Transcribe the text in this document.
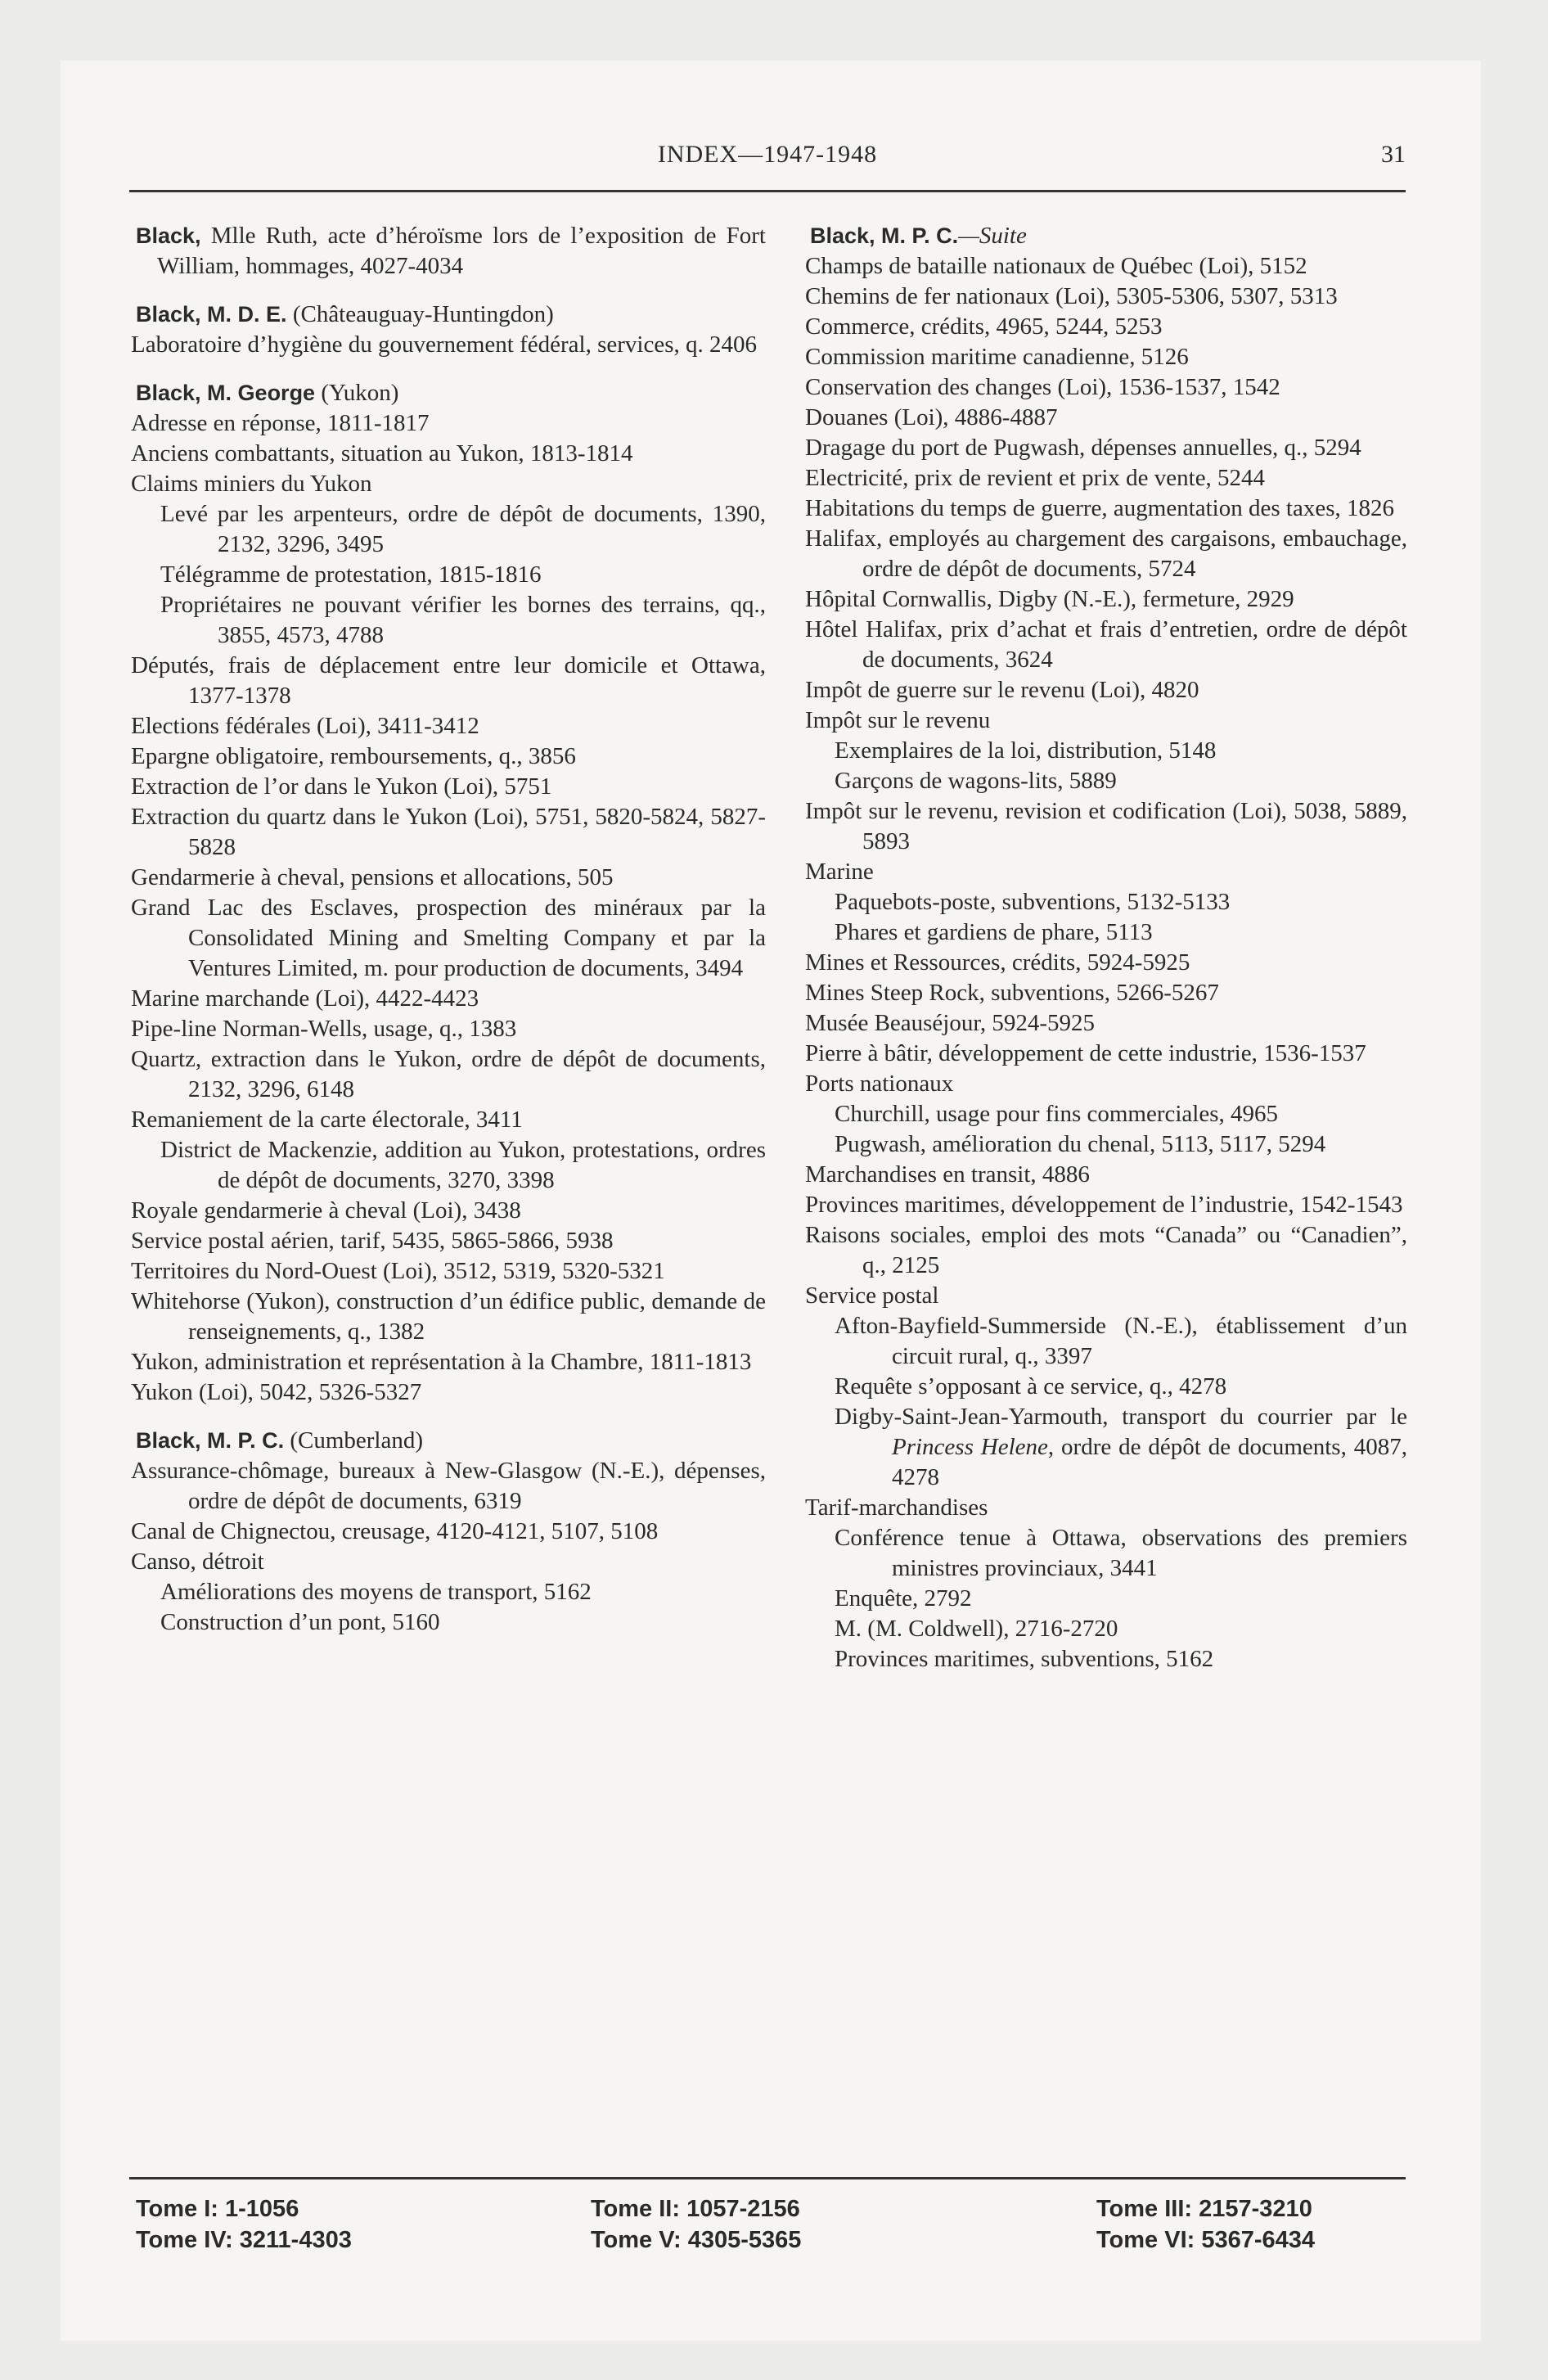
INDEX—1947-1948	31
Black, Mlle Ruth, acte d’héroïsme lors de l’exposition de Fort William, hommages, 4027-4034
Black, M. D. E. (Châteauguay-Huntingdon)
Laboratoire d’hygiène du gouvernement fédéral, services, q. 2406
Black, M. George (Yukon)
Adresse en réponse, 1811-1817
Anciens combattants, situation au Yukon, 1813-1814
Claims miniers du Yukon
Levé par les arpenteurs, ordre de dépôt de documents, 1390, 2132, 3296, 3495
Télégramme de protestation, 1815-1816
Propriétaires ne pouvant vérifier les bornes des terrains, qq., 3855, 4573, 4788
Députés, frais de déplacement entre leur domicile et Ottawa, 1377-1378
Elections fédérales (Loi), 3411-3412
Epargne obligatoire, remboursements, q., 3856
Extraction de l’or dans le Yukon (Loi), 5751
Extraction du quartz dans le Yukon (Loi), 5751, 5820-5824, 5827-5828
Gendarmerie à cheval, pensions et allocations, 505
Grand Lac des Esclaves, prospection des minéraux par la Consolidated Mining and Smelting Company et par la Ventures Limited, m. pour production de documents, 3494
Marine marchande (Loi), 4422-4423
Pipe-line Norman-Wells, usage, q., 1383
Quartz, extraction dans le Yukon, ordre de dépôt de documents, 2132, 3296, 6148
Remaniement de la carte électorale, 3411
District de Mackenzie, addition au Yukon, protestations, ordres de dépôt de documents, 3270, 3398
Royale gendarmerie à cheval (Loi), 3438
Service postal aérien, tarif, 5435, 5865-5866, 5938
Territoires du Nord-Ouest (Loi), 3512, 5319, 5320-5321
Whitehorse (Yukon), construction d’un édifice public, demande de renseignements, q., 1382
Yukon, administration et représentation à la Chambre, 1811-1813
Yukon (Loi), 5042, 5326-5327
Black, M. P. C. (Cumberland)
Assurance-chômage, bureaux à New-Glasgow (N.-E.), dépenses, ordre de dépôt de documents, 6319
Canal de Chignectou, creusage, 4120-4121, 5107, 5108
Canso, détroit
Améliorations des moyens de transport, 5162
Construction d’un pont, 5160
Black, M. P. C.—Suite
Champs de bataille nationaux de Québec (Loi), 5152
Chemins de fer nationaux (Loi), 5305-5306, 5307, 5313
Commerce, crédits, 4965, 5244, 5253
Commission maritime canadienne, 5126
Conservation des changes (Loi), 1536-1537, 1542
Douanes (Loi), 4886-4887
Dragage du port de Pugwash, dépenses annuelles, q., 5294
Electricité, prix de revient et prix de vente, 5244
Habitations du temps de guerre, augmentation des taxes, 1826
Halifax, employés au chargement des cargaisons, embauchage, ordre de dépôt de documents, 5724
Hôpital Cornwallis, Digby (N.-E.), fermeture, 2929
Hôtel Halifax, prix d’achat et frais d’entretien, ordre de dépôt de documents, 3624
Impôt de guerre sur le revenu (Loi), 4820
Impôt sur le revenu
Exemplaires de la loi, distribution, 5148
Garçons de wagons-lits, 5889
Impôt sur le revenu, revision et codification (Loi), 5038, 5889, 5893
Marine
Paquebots-poste, subventions, 5132-5133
Phares et gardiens de phare, 5113
Mines et Ressources, crédits, 5924-5925
Mines Steep Rock, subventions, 5266-5267
Musée Beauséjour, 5924-5925
Pierre à bâtir, développement de cette industrie, 1536-1537
Ports nationaux
Churchill, usage pour fins commerciales, 4965
Pugwash, amélioration du chenal, 5113, 5117, 5294
Marchandises en transit, 4886
Provinces maritimes, développement de l’industrie, 1542-1543
Raisons sociales, emploi des mots “Canada” ou “Canadien”, q., 2125
Service postal
Afton-Bayfield-Summerside (N.-E.), établissement d’un circuit rural, q., 3397
Requête s’opposant à ce service, q., 4278
Digby-Saint-Jean-Yarmouth, transport du courrier par le Princess Helene, ordre de dépôt de documents, 4087, 4278
Tarif-marchandises
Conférence tenue à Ottawa, observations des premiers ministres provinciaux, 3441
Enquête, 2792
M. (M. Coldwell), 2716-2720
Provinces maritimes, subventions, 5162
Tome I: 1-1056
Tome IV: 3211-4303
Tome II: 1057-2156
Tome V: 4305-5365
Tome III: 2157-3210
Tome VI: 5367-6434
